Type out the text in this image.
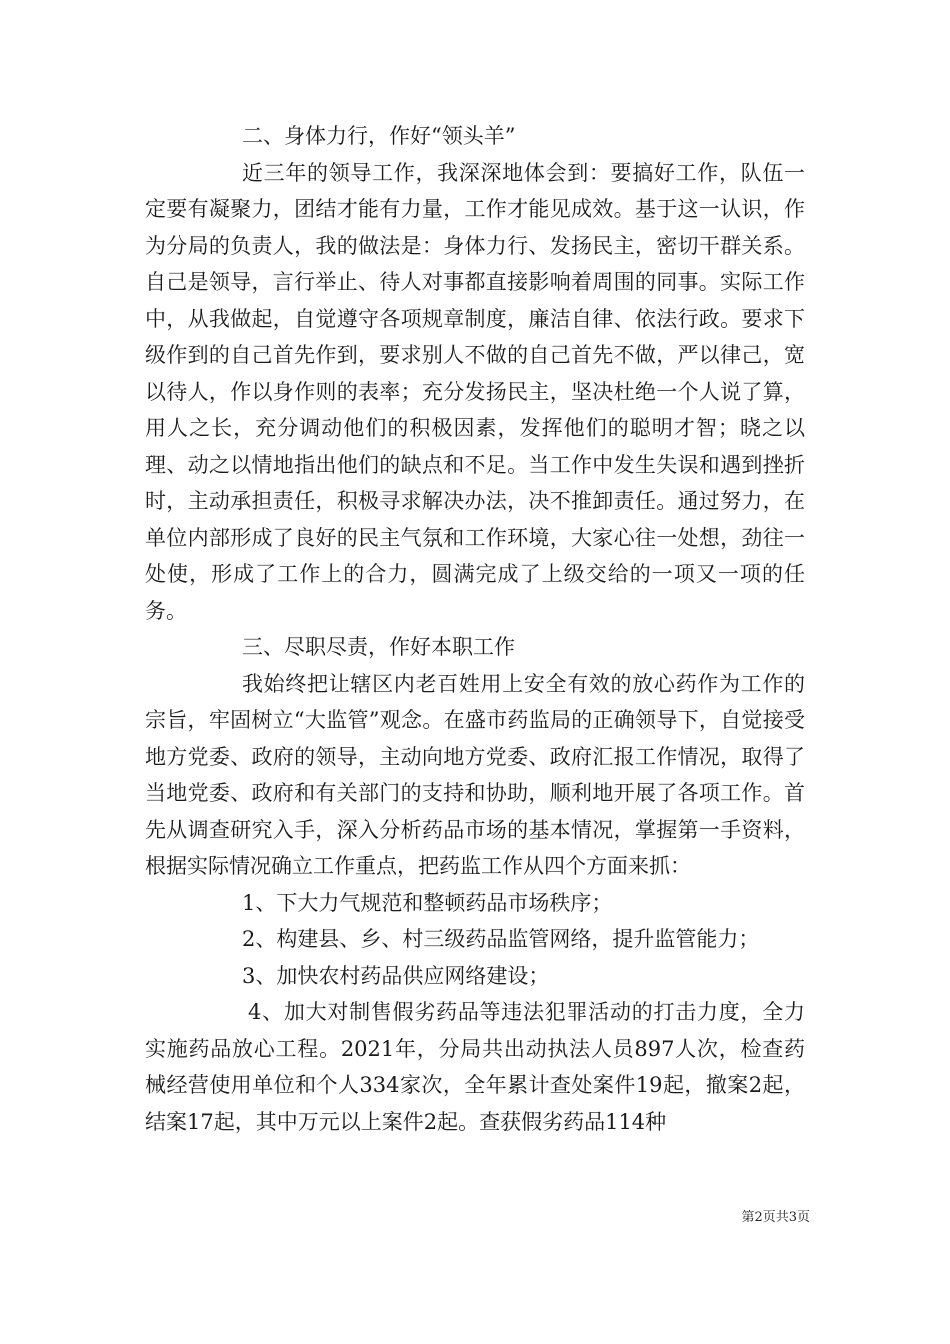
二、身体力行，作好“领头羊”

近三年的领导工作，我深深地体会到：要搞好工作，队伍一定要有凝聚力，团结才能有力量，工作才能见成效。基于这一认识，作为分局的负责人，我的做法是：身体力行、发扬民主，密切干群关系。自己是领导，言行举止、待人对事都直接影响着周围的同事。实际工作中，从我做起，自觉遵守各项规章制度，廉洁自律、依法行政。要求下级作到的自己首先作到，要求别人不做的自己首先不做，严以律己，宽以待人，作以身作则的表率；充分发扬民主，坚决杜绝一个人说了算，用人之长，充分调动他们的积极因素，发挥他们的聪明才智；晓之以理、动之以情地指出他们的缺点和不足。当工作中发生失误和遇到挫折时，主动承担责任，积极寻求解决办法，决不推卸责任。通过努力，在单位内部形成了良好的民主气氛和工作环境，大家心往一处想，劲往一处使，形成了工作上的合力，圆满完成了上级交给的一项又一项的任务。

三、尽职尽责，作好本职工作

我始终把让辖区内老百姓用上安全有效的放心药作为工作的宗旨，牢固树立“大监管”观念。在盛市药监局的正确领导下，自觉接受地方党委、政府的领导，主动向地方党委、政府汇报工作情况，取得了当地党委、政府和有关部门的支持和协助，顺利地开展了各项工作。首先从调查研究入手，深入分析药品市场的基本情况，掌握第一手资料，根据实际情况确立工作重点，把药监工作从四个方面来抓：

1、下大力气规范和整顿药品市场秩序；

2、构建县、乡、村三级药品监管网络，提升监管能力；

3、加快农村药品供应网络建设；

4、加大对制售假劣药品等违法犯罪活动的打击力度，全力实施药品放心工程。2021年，分局共出动执法人员897人次，检查药械经营使用单位和个人334家次，全年累计查处案件19起，撤案2起，结案17起，其中万元以上案件2起。查获假劣药品114种

第2页共3页
